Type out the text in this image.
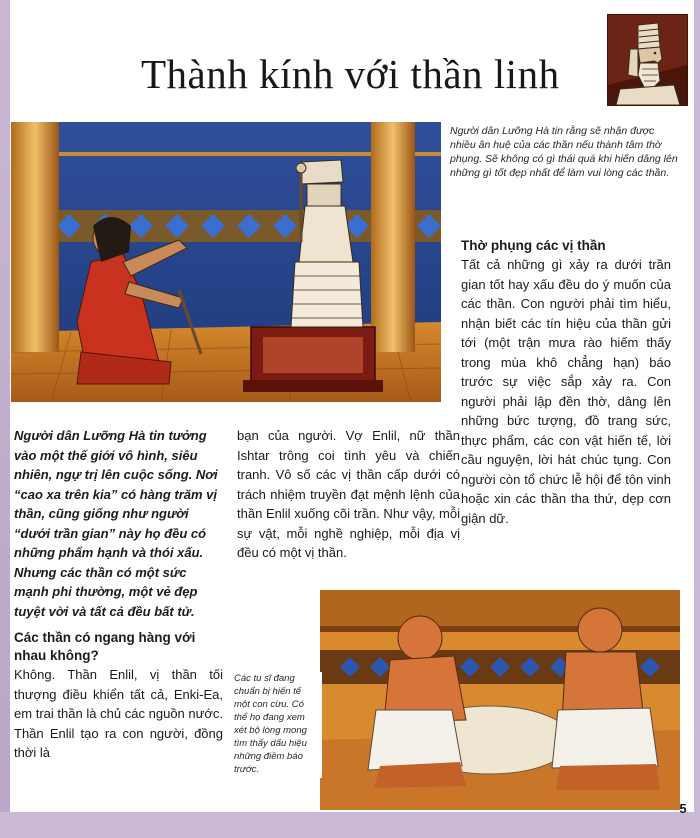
Thành kính với thần linh

Người dân Lưỡng Hà tin rằng sẽ nhận được nhiều ân huệ của các thần nếu thành tâm thờ phụng. Sẽ không có gì thái quá khi hiến dâng lên những gì tốt đẹp nhất để làm vui lòng các thần.

Các tu sĩ đang chuẩn bị hiến tế một con cừu. Có thể họ đang xem xét bộ lòng mong tìm thấy dấu hiệu những điềm báo trước.

Người dân Lưỡng Hà tin tưởng vào một thế giới vô hình, siêu nhiên, ngự trị lên cuộc sống. Nơi “cao xa trên kia” có hàng trăm vị thần, cũng giống như người “dưới trần gian” này họ đều có những phẩm hạnh và thói xấu. Nhưng các thần có một sức mạnh phi thường, một vẻ đẹp tuyệt vời và tất cả đều bất tử.

Các thần có ngang hàng với nhau không?

Không. Thần Enlil, vị thần tối thượng điều khiển tất cả, Enki-Ea, em trai thần là chủ các nguồn nước. Thần Enlil tạo ra con người, đồng thời là

bạn của người. Vợ Enlil, nữ thần Ishtar trông coi tình yêu và chiến tranh. Vô số các vị thần cấp dưới có trách nhiệm truyền đạt mệnh lệnh của thần Enlil xuống cõi trần. Như vậy, mỗi sự vật, mỗi nghề nghiệp, mỗi địa vị đều có một vị thần.

Thờ phụng các vị thần

Tất cả những gì xảy ra dưới trần gian tốt hay xấu đều do ý muốn của các thần. Con người phải tìm hiểu, nhận biết các tín hiệu của thần gửi tới (một trận mưa rào hiếm thấy trong mùa khô chẳng hạn) báo trước sự việc sắp xảy ra. Con người phải lập đền thờ, dâng lên những bức tượng, đồ trang sức, thực phẩm, các con vật hiến tế, lời cầu nguyện, lời hát chúc tụng. Con người còn tổ chức lễ hội để tôn vinh hoặc xin các thần tha thứ, dẹp cơn giận dữ.

5
